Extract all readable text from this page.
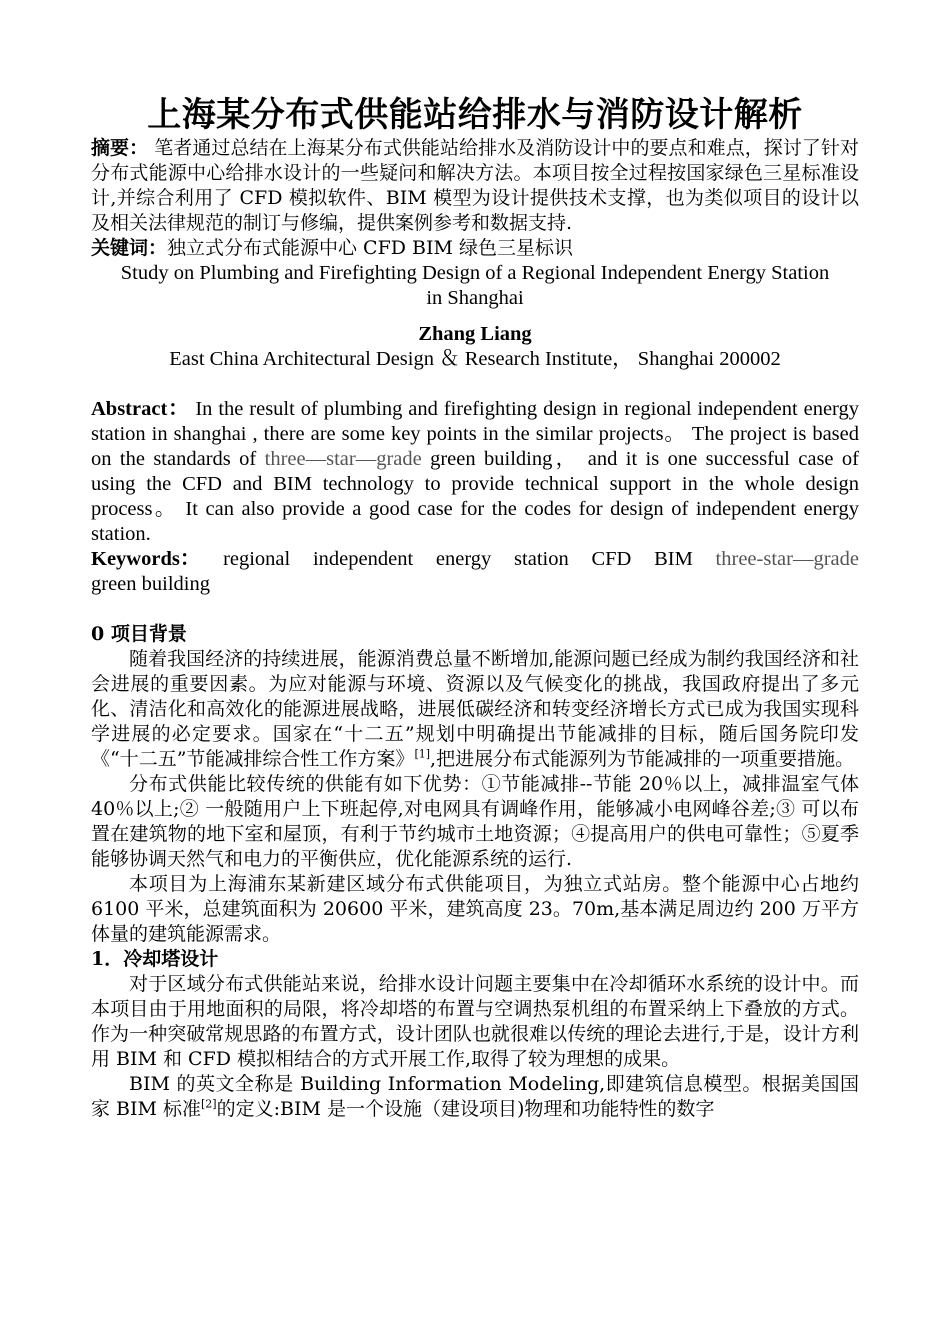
上海某分布式供能站给排水与消防设计解析

摘要： 笔者通过总结在上海某分布式供能站给排水及消防设计中的要点和难点，探讨了针对分布式能源中心给排水设计的一些疑问和解决方法。本项目按全过程按国家绿色三星标准设计,并综合利用了 CFD 模拟软件、BIM 模型为设计提供技术支撑，也为类似项目的设计以及相关法律规范的制订与修编，提供案例参考和数据支持.

关键词：独立式分布式能源中心 CFD BIM 绿色三星标识

Study on Plumbing and Firefighting Design of a Regional Independent Energy Station in Shanghai

Zhang Liang

East China Architectural Design ＆ Research Institute， Shanghai 200002

Abstract： In the result of plumbing and firefighting design in regional independent energy station in shanghai , there are some key points in the similar projects。 The project is based on the standards of three—star—grade green building， and it is one successful case of using the CFD and BIM technology to provide technical support in the whole design process。 It can also provide a good case for the codes for design of independent energy station.

Keywords： regional independent energy station CFD BIM three-star—grade

green building

0 项目背景

随着我国经济的持续进展，能源消费总量不断增加,能源问题已经成为制约我国经济和社会进展的重要因素。为应对能源与环境、资源以及气候变化的挑战，我国政府提出了多元化、清洁化和高效化的能源进展战略，进展低碳经济和转变经济增长方式已成为我国实现科学进展的必定要求。国家在“十二五”规划中明确提出节能减排的目标，随后国务院印发《“十二五”节能减排综合性工作方案》[1],把进展分布式能源列为节能减排的一项重要措施。

分布式供能比较传统的供能有如下优势：①节能减排--节能 20％以上，减排温室气体 40％以上;② 一般随用户上下班起停,对电网具有调峰作用，能够减小电网峰谷差;③ 可以布置在建筑物的地下室和屋顶，有利于节约城市土地资源；④提高用户的供电可靠性；⑤夏季能够协调天然气和电力的平衡供应，优化能源系统的运行.

本项目为上海浦东某新建区域分布式供能项目，为独立式站房。整个能源中心占地约 6100 平米，总建筑面积为 20600 平米，建筑高度 23。70m,基本满足周边约 200 万平方体量的建筑能源需求。

1．冷却塔设计

对于区域分布式供能站来说，给排水设计问题主要集中在冷却循环水系统的设计中。而本项目由于用地面积的局限，将冷却塔的布置与空调热泵机组的布置采纳上下叠放的方式。作为一种突破常规思路的布置方式，设计团队也就很难以传统的理论去进行,于是，设计方利用 BIM 和 CFD 模拟相结合的方式开展工作,取得了较为理想的成果。

BIM 的英文全称是 Building Information Modeling,即建筑信息模型。根据美国国家 BIM 标准[2]的定义:BIM 是一个设施（建设项目)物理和功能特性的数字
